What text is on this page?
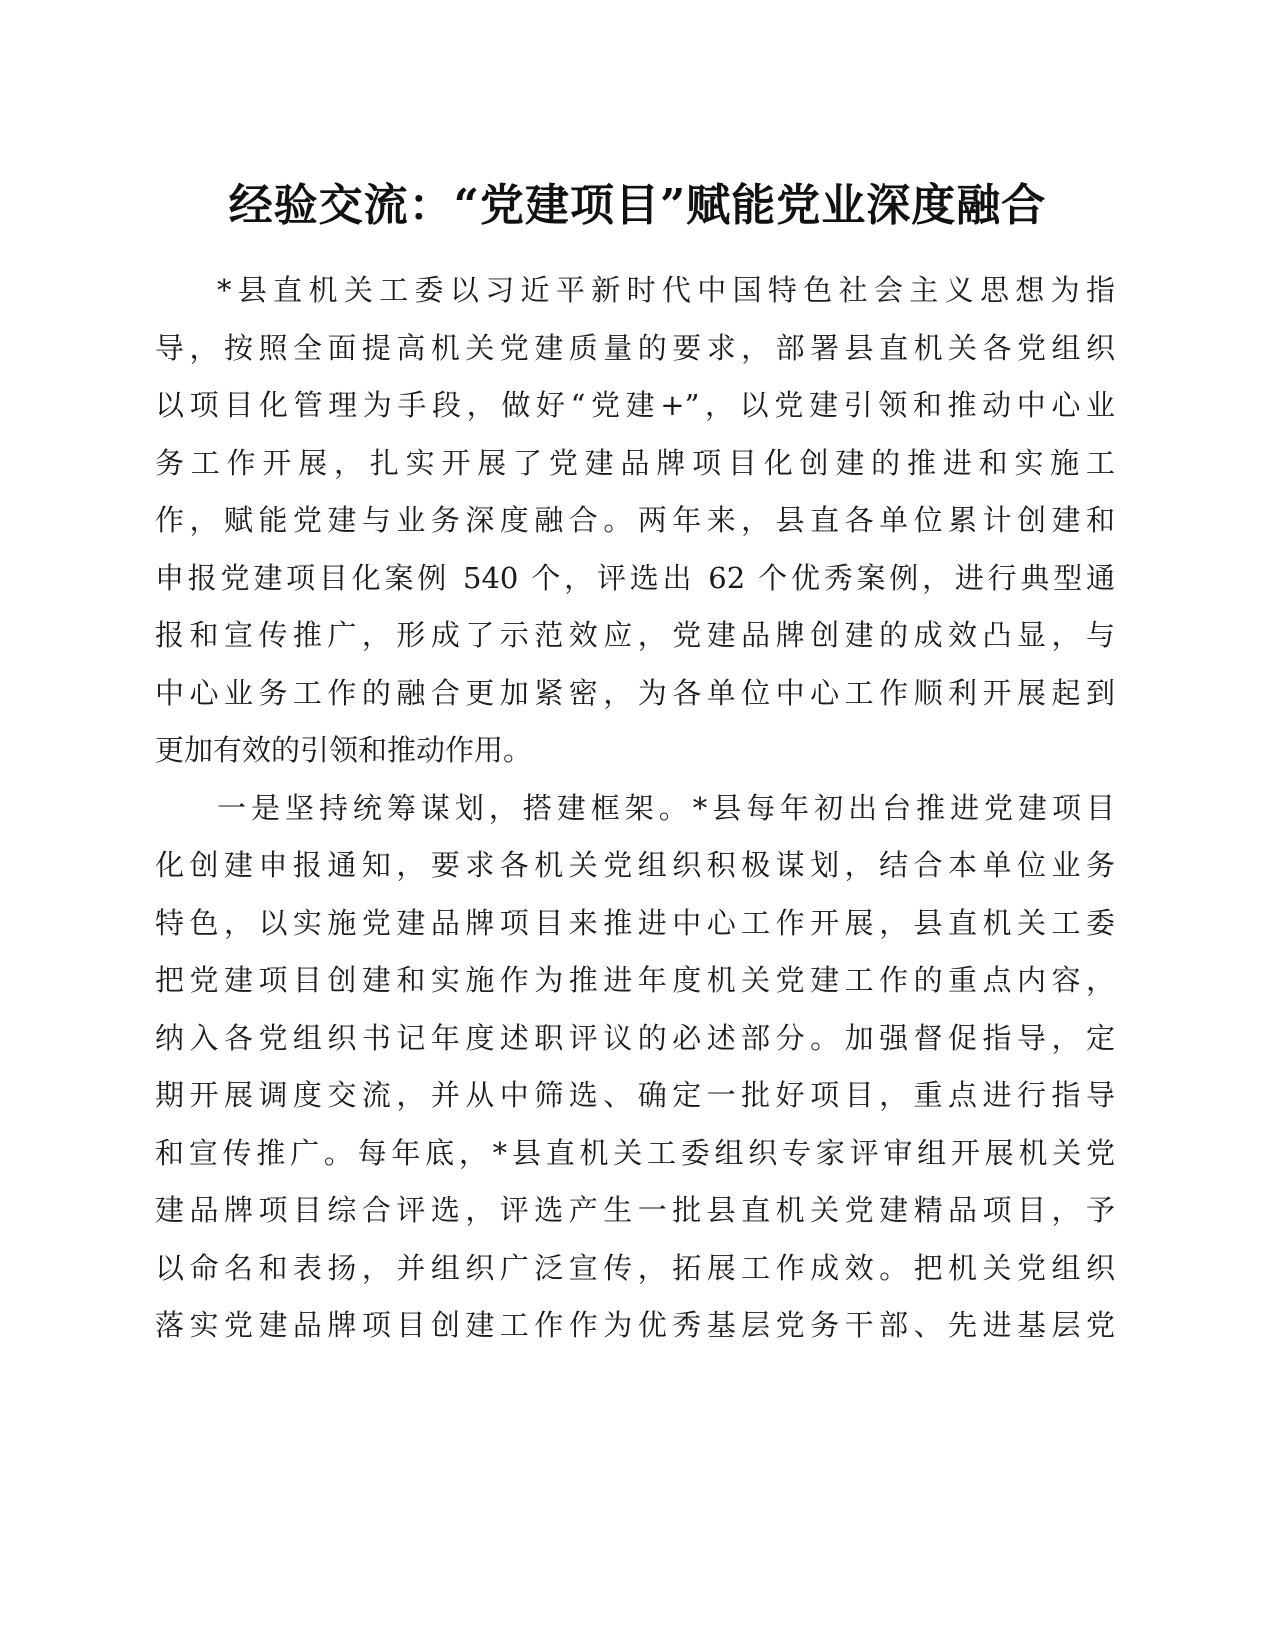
经验交流：“党建项目”赋能党业深度融合
*县直机关工委以习近平新时代中国特色社会主义思想为指
导，按照全面提高机关党建质量的要求，部署县直机关各党组织
以项目化管理为手段，做好“党建+”，以党建引领和推动中心业
务工作开展，扎实开展了党建品牌项目化创建的推进和实施工
作，赋能党建与业务深度融合。两年来，县直各单位累计创建和
申报党建项目化案例 540 个，评选出 62 个优秀案例，进行典型通
报和宣传推广，形成了示范效应，党建品牌创建的成效凸显，与
中心业务工作的融合更加紧密，为各单位中心工作顺利开展起到
更加有效的引领和推动作用。
一是坚持统筹谋划，搭建框架。*县每年初出台推进党建项目
化创建申报通知，要求各机关党组织积极谋划，结合本单位业务
特色，以实施党建品牌项目来推进中心工作开展，县直机关工委
把党建项目创建和实施作为推进年度机关党建工作的重点内容，
纳入各党组织书记年度述职评议的必述部分。加强督促指导，定
期开展调度交流，并从中筛选、确定一批好项目，重点进行指导
和宣传推广。每年底，*县直机关工委组织专家评审组开展机关党
建品牌项目综合评选，评选产生一批县直机关党建精品项目，予
以命名和表扬，并组织广泛宣传，拓展工作成效。把机关党组织
落实党建品牌项目创建工作作为优秀基层党务干部、先进基层党
